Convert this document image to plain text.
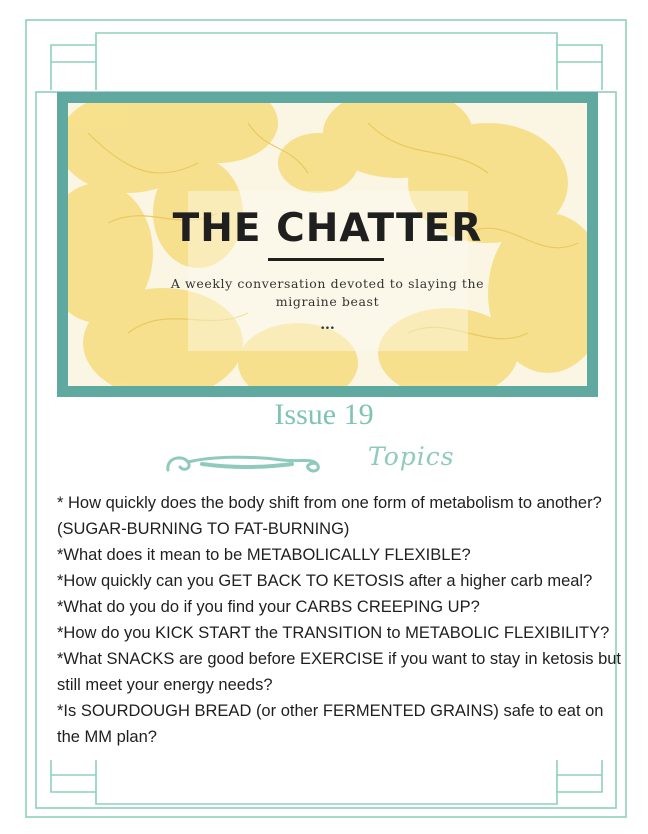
THE CHATTER
A weekly conversation devoted to slaying the migraine beast
...
Issue 19
Topics

* How quickly does the body shift from one form of metabolism to another? (SUGAR-BURNING TO FAT-BURNING)

*What does it mean to be METABOLICALLY FLEXIBLE?

*How quickly can you GET BACK TO KETOSIS after a higher carb meal?

*What do you do if you find your CARBS CREEPING UP?

*How do you KICK START the TRANSITION to METABOLIC FLEXIBILITY?

*What SNACKS are good before EXERCISE if you want to stay in ketosis but still meet your energy needs?

*Is SOURDOUGH BREAD (or other FERMENTED GRAINS) safe to eat on the MM plan?
